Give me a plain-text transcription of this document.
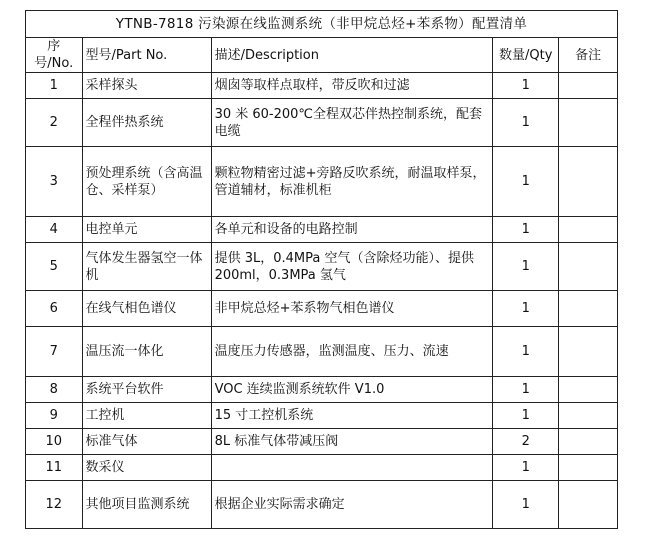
YTNB-7818 污染源在线监测系统（非甲烷总烃+苯系物）配置清单				
序号/No.	型号/Part No.	描述/Description	数量/Qty	备注
1	采样探头	烟囱等取样点取样，带反吹和过滤	1	
2	全程伴热系统	30 米 60-200℃全程双芯伴热控制系统，配套电缆	1	
3	预处理系统（含高温仓、采样泵）	颗粒物精密过滤+旁路反吹系统，耐温取样泵，管道辅材，标准机柜	1	
4	电控单元	各单元和设备的电路控制	1	
5	气体发生器氢空一体机	提供 3L，0.4MPa 空气（含除烃功能）、提供 200ml，0.3MPa 氢气	1	
6	在线气相色谱仪	非甲烷总烃+苯系物气相色谱仪	1	
7	温压流一体化	温度压力传感器，监测温度、压力、流速	1	
8	系统平台软件	VOC 连续监测系统软件 V1.0	1	
9	工控机	15 寸工控机系统	1	
10	标准气体	8L 标准气体带减压阀	2	
11	数采仪		1	
12	其他项目监测系统	根据企业实际需求确定	1	
